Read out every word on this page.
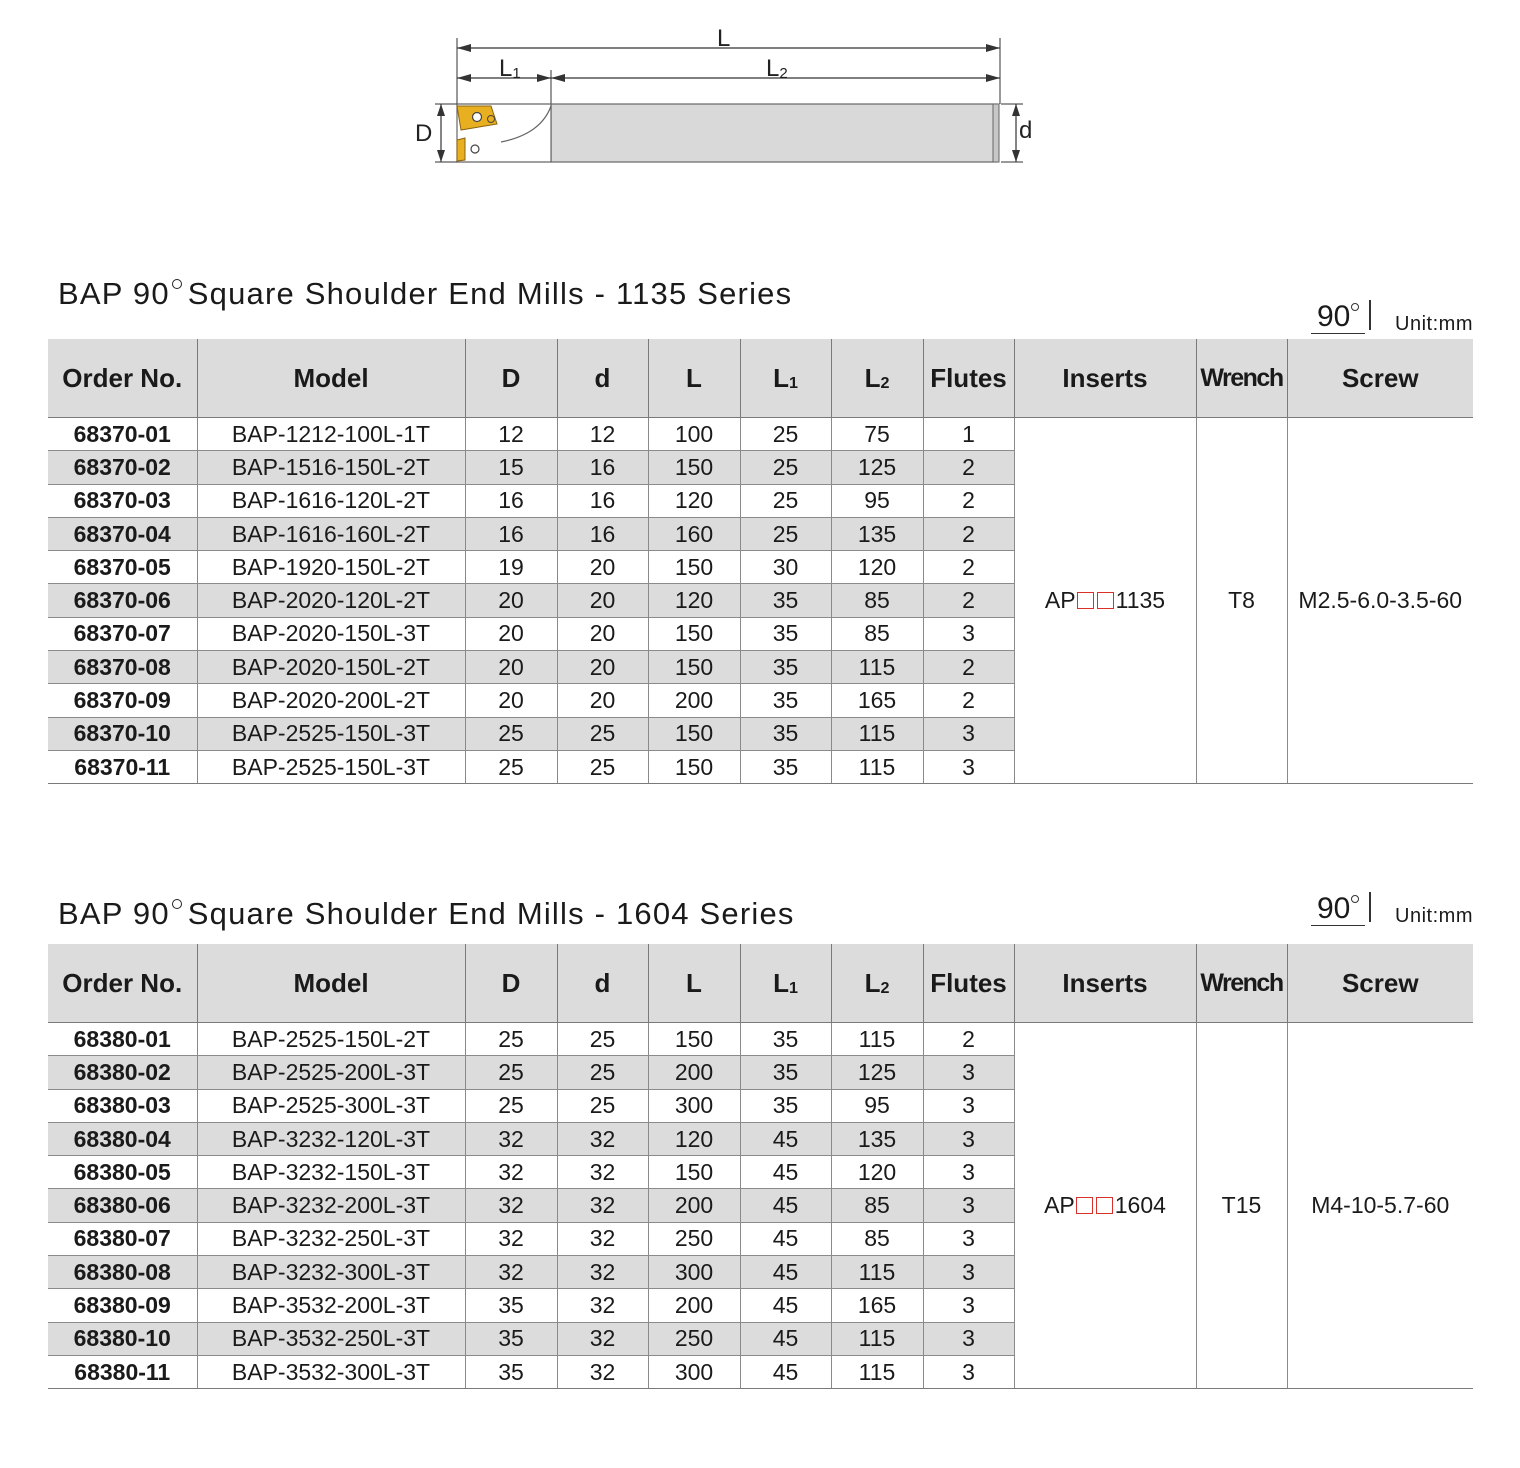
L
L1	L2
D	d
BAP 90 Square Shoulder End Mills - 1135 Series
90	Unit:mm
Order No.	Model	D	d	L	L1	L2	Flutes	Inserts	Wrench	Screw
68370-01	BAP-1212-100L-1T	12	12	100	25	75	1	AP 1135	T8	M2.5-6.0-3.5-60
68370-02	BAP-1516-150L-2T	15	16	150	25	125	2			
68370-03	BAP-1616-120L-2T	16	16	120	25	95	2			
68370-04	BAP-1616-160L-2T	16	16	160	25	135	2			
68370-05	BAP-1920-150L-2T	19	20	150	30	120	2			
68370-06	BAP-2020-120L-2T	20	20	120	35	85	2			
68370-07	BAP-2020-150L-3T	20	20	150	35	85	3			
68370-08	BAP-2020-150L-2T	20	20	150	35	115	2			
68370-09	BAP-2020-200L-2T	20	20	200	35	165	2			
68370-10	BAP-2525-150L-3T	25	25	150	35	115	3			
68370-11	BAP-2525-150L-3T	25	25	150	35	115	3			
BAP 90 Square Shoulder End Mills - 1604 Series	90	Unit:mm
Order No.	Model	D	d	L	L1	L2	Flutes	Inserts	Wrench	Screw
68380-01	BAP-2525-150L-2T	25	25	150	35	115	2	AP 1604	T15	M4-10-5.7-60
68380-02	BAP-2525-200L-3T	25	25	200	35	125	3			
68380-03	BAP-2525-300L-3T	25	25	300	35	95	3			
68380-04	BAP-3232-120L-3T	32	32	120	45	135	3			
68380-05	BAP-3232-150L-3T	32	32	150	45	120	3			
68380-06	BAP-3232-200L-3T	32	32	200	45	85	3			
68380-07	BAP-3232-250L-3T	32	32	250	45	85	3			
68380-08	BAP-3232-300L-3T	32	32	300	45	115	3			
68380-09	BAP-3532-200L-3T	35	32	200	45	165	3			
68380-10	BAP-3532-250L-3T	35	32	250	45	115	3			
68380-11	BAP-3532-300L-3T	35	32	300	45	115	3			
